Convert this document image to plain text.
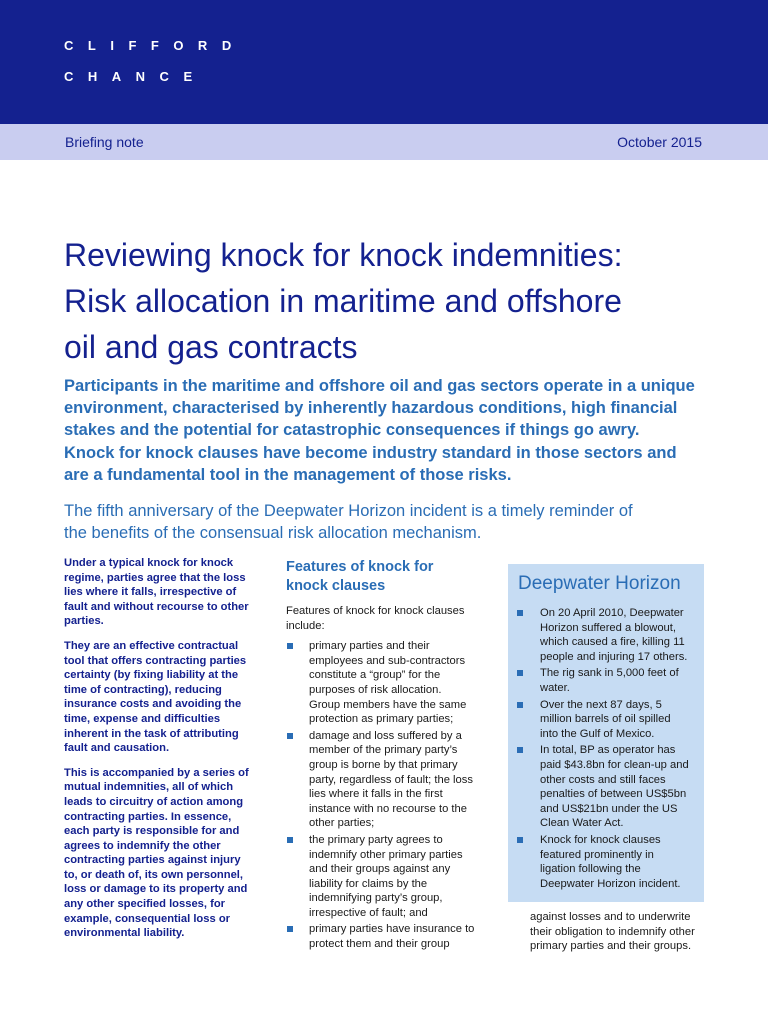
CLIFFORD
CHANCE
Briefing note	October 2015
Reviewing knock for knock indemnities:
Risk allocation in maritime and offshore
oil and gas contracts
Participants in the maritime and offshore oil and gas sectors operate in a unique
environment, characterised by inherently hazardous conditions, high financial
stakes and the potential for catastrophic consequences if things go awry.
Knock for knock clauses have become industry standard in those sectors and
are a fundamental tool in the management of those risks.
The fifth anniversary of the Deepwater Horizon incident is a timely reminder of
the benefits of the consensual risk allocation mechanism.

Under a typical knock for knock
regime, parties agree that the loss
lies where it falls, irrespective of
fault and without recourse to other
parties.

They are an effective contractual
tool that offers contracting parties
certainty (by fixing liability at the
time of contracting), reducing
insurance costs and avoiding the
time, expense and difficulties
inherent in the task of attributing
fault and causation.

This is accompanied by a series of
mutual indemnities, all of which
leads to circuitry of action among
contracting parties. In essence,
each party is responsible for and
agrees to indemnify the other
contracting parties against injury
to, or death of, its own personnel,
loss or damage to its property and
any other specified losses, for
example, consequential loss or
environmental liability.

Features of knock for
knock clauses
Features of knock for knock clauses
include:
primary parties and their
employees and sub-contractors
constitute a “group” for the
purposes of risk allocation.
Group members have the same
protection as primary parties;
damage and loss suffered by a
member of the primary party’s
group is borne by that primary
party, regardless of fault; the loss
lies where it falls in the first
instance with no recourse to the
other parties;
the primary party agrees to
indemnify other primary parties
and their groups against any
liability for claims by the
indemnifying party’s group,
irrespective of fault; and
primary parties have insurance to
protect them and their group
Deepwater Horizon
On 20 April 2010, Deepwater
Horizon suffered a blowout,
which caused a fire, killing 11
people and injuring 17 others.
The rig sank in 5,000 feet of
water.
Over the next 87 days, 5
million barrels of oil spilled
into the Gulf of Mexico.
In total, BP as operator has
paid $43.8bn for clean-up and
other costs and still faces
penalties of between US$5bn
and US$21bn under the US
Clean Water Act.
Knock for knock clauses
featured prominently in
ligation following the
Deepwater Horizon incident.
against losses and to underwrite
their obligation to indemnify other
primary parties and their groups.
